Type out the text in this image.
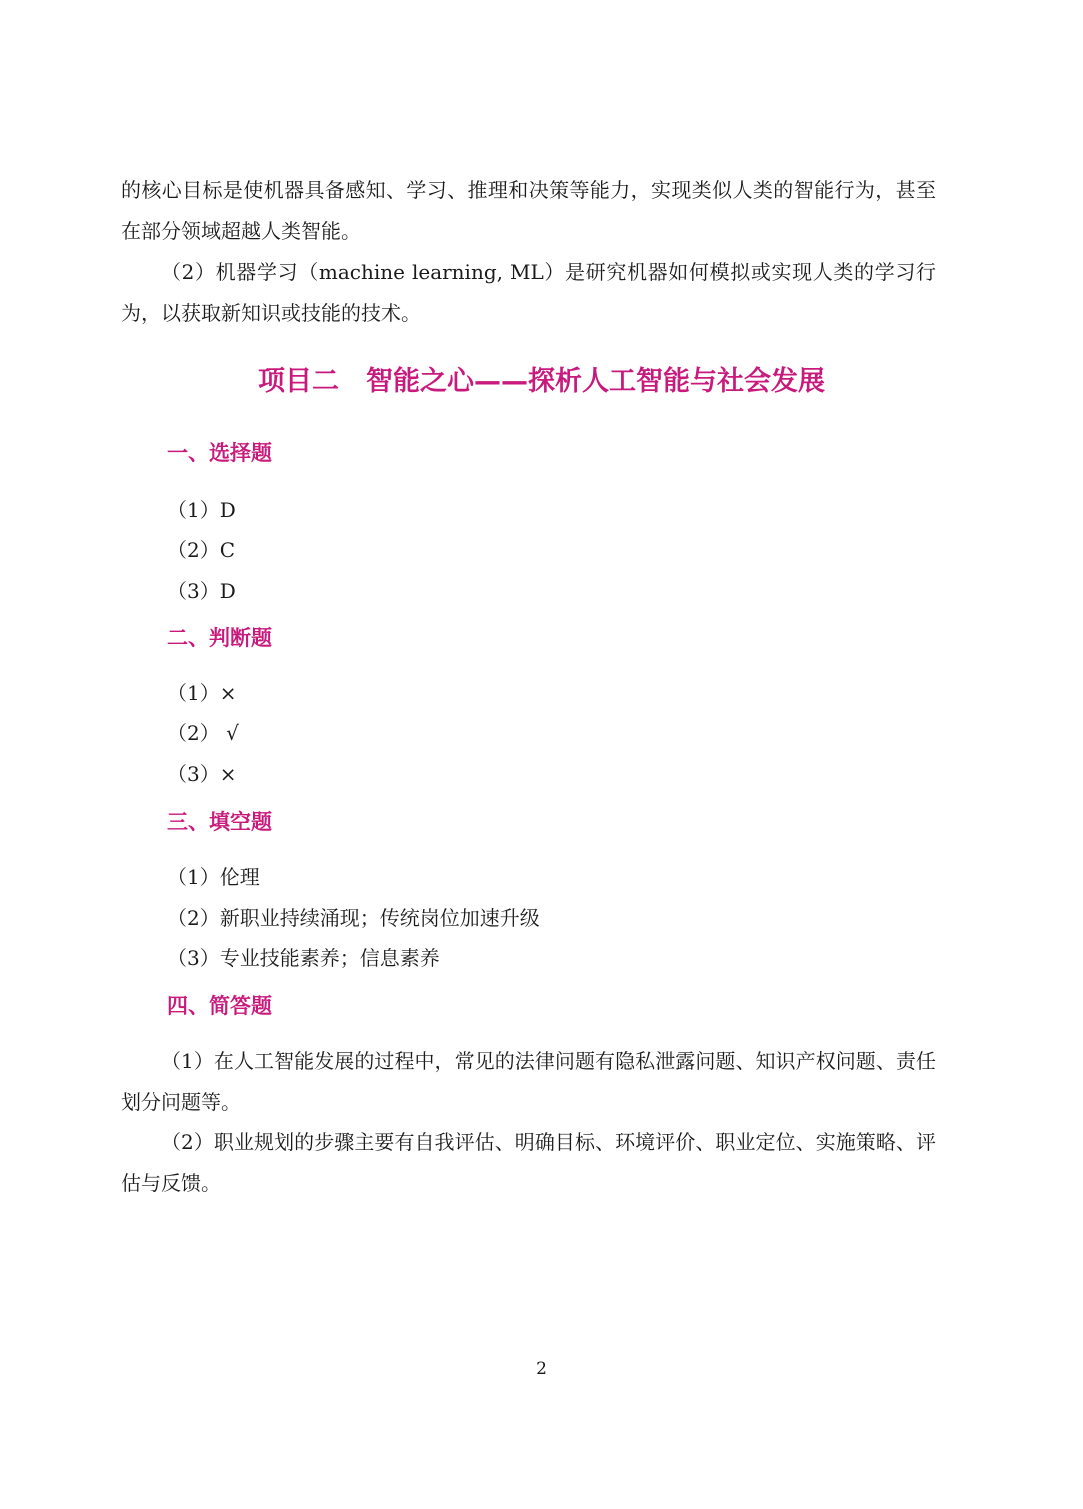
的核心目标是使机器具备感知、学习、推理和决策等能力，实现类似人类的智能行为，甚至在部分领域超越人类智能。

（2）机器学习（machine learning, ML）是研究机器如何模拟或实现人类的学习行为，以获取新知识或技能的技术。

项目二　智能之心——探析人工智能与社会发展
一、选择题

（1）D

（2）C

（3）D

二、判断题

（1）×

（2） √

（3）×

三、填空题

（1）伦理

（2）新职业持续涌现；传统岗位加速升级

（3）专业技能素养；信息素养

四、简答题

（1）在人工智能发展的过程中，常见的法律问题有隐私泄露问题、知识产权问题、责任划分问题等。

（2）职业规划的步骤主要有自我评估、明确目标、环境评价、职业定位、实施策略、评估与反馈。

2
